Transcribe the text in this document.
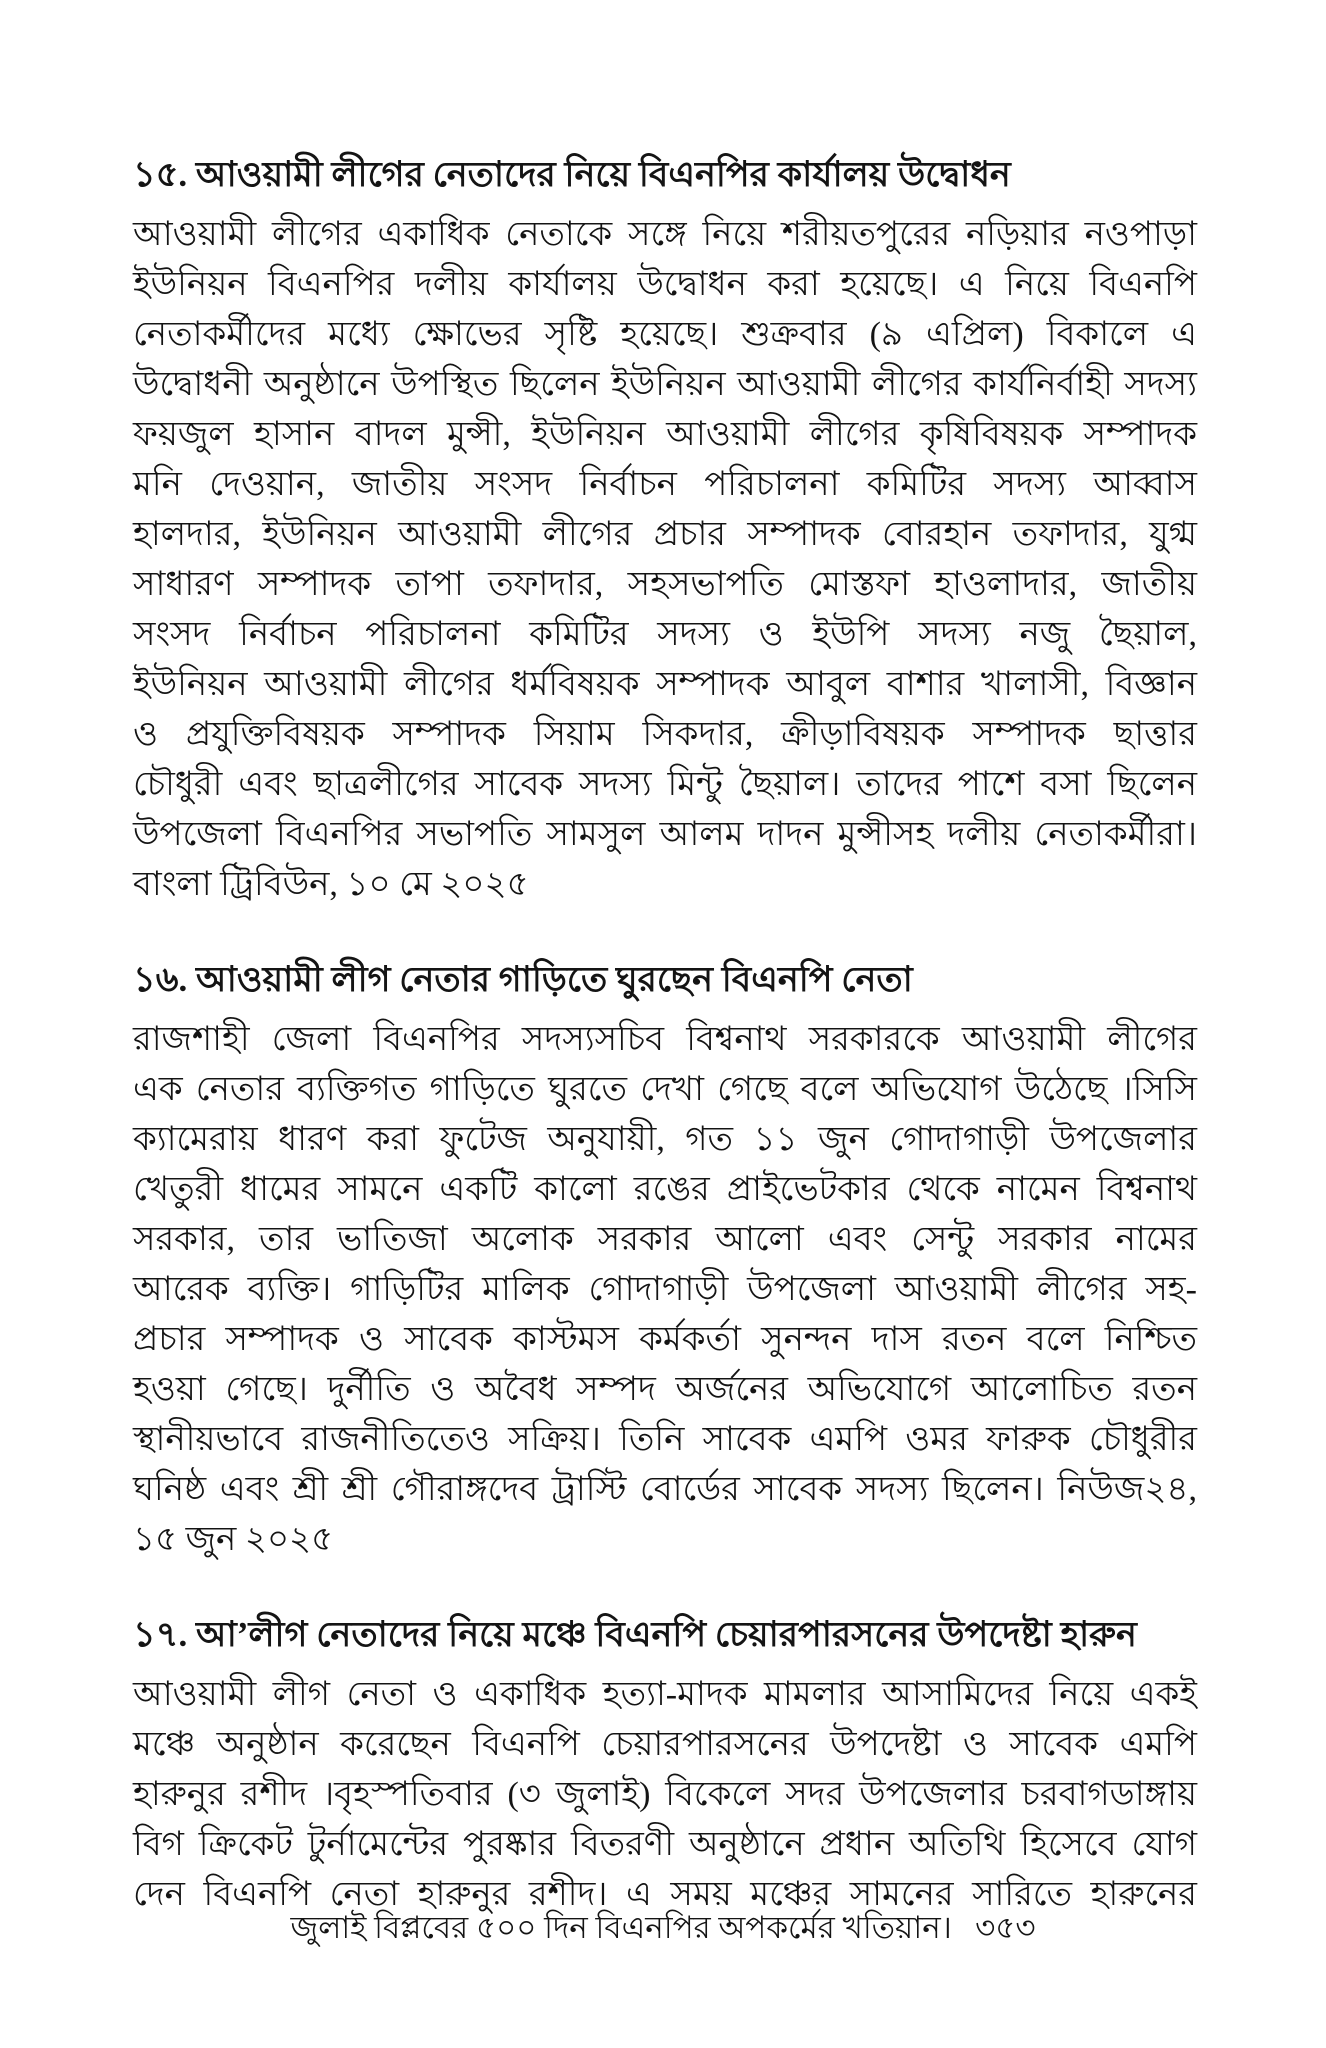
১৫. আওয়ামী লীগের নেতাদের নিয়ে বিএনপির কার্যালয় উদ্বোধন
আওয়ামী লীগের একাধিক নেতাকে সঙ্গে নিয়ে শরীয়তপুরের নড়িয়ার নওপাড়া
ইউনিয়ন বিএনপির দলীয় কার্যালয় উদ্বোধন করা হয়েছে। এ নিয়ে বিএনপি
নেতাকর্মীদের মধ্যে ক্ষোভের সৃষ্টি হয়েছে। শুক্রবার (৯ এপ্রিল) বিকালে এ
উদ্বোধনী অনুষ্ঠানে উপস্থিত ছিলেন ইউনিয়ন আওয়ামী লীগের কার্যনির্বাহী সদস্য
ফয়জুল হাসান বাদল মুন্সী, ইউনিয়ন আওয়ামী লীগের কৃষিবিষয়ক সম্পাদক
মনি দেওয়ান, জাতীয় সংসদ নির্বাচন পরিচালনা কমিটির সদস্য আব্বাস
হালদার, ইউনিয়ন আওয়ামী লীগের প্রচার সম্পাদক বোরহান তফাদার, যুগ্ম
সাধারণ সম্পাদক তাপা তফাদার, সহসভাপতি মোস্তফা হাওলাদার, জাতীয়
সংসদ নির্বাচন পরিচালনা কমিটির সদস্য ও ইউপি সদস্য নজু ছৈয়াল,
ইউনিয়ন আওয়ামী লীগের ধর্মবিষয়ক সম্পাদক আবুল বাশার খালাসী, বিজ্ঞান
ও প্রযুক্তিবিষয়ক সম্পাদক সিয়াম সিকদার, ক্রীড়াবিষয়ক সম্পাদক ছাত্তার
চৌধুরী এবং ছাত্রলীগের সাবেক সদস্য মিন্টু ছৈয়াল। তাদের পাশে বসা ছিলেন
উপজেলা বিএনপির সভাপতি সামসুল আলম দাদন মুন্সীসহ দলীয় নেতাকর্মীরা।
বাংলা ট্রিবিউন, ১০ মে ২০২৫
১৬. আওয়ামী লীগ নেতার গাড়িতে ঘুরছেন বিএনপি নেতা
রাজশাহী জেলা বিএনপির সদস্যসচিব বিশ্বনাথ সরকারকে আওয়ামী লীগের
এক নেতার ব্যক্তিগত গাড়িতে ঘুরতে দেখা গেছে বলে অভিযোগ উঠেছে ।সিসি
ক্যামেরায় ধারণ করা ফুটেজ অনুযায়ী, গত ১১ জুন গোদাগাড়ী উপজেলার
খেতুরী ধামের সামনে একটি কালো রঙের প্রাইভেটকার থেকে নামেন বিশ্বনাথ
সরকার, তার ভাতিজা অলোক সরকার আলো এবং সেন্টু সরকার নামের
আরেক ব্যক্তি। গাড়িটির মালিক গোদাগাড়ী উপজেলা আওয়ামী লীগের সহ-
প্রচার সম্পাদক ও সাবেক কাস্টমস কর্মকর্তা সুনন্দন দাস রতন বলে নিশ্চিত
হওয়া গেছে। দুর্নীতি ও অবৈধ সম্পদ অর্জনের অভিযোগে আলোচিত রতন
স্থানীয়ভাবে রাজনীতিতেও সক্রিয়। তিনি সাবেক এমপি ওমর ফারুক চৌধুরীর
ঘনিষ্ঠ এবং শ্রী শ্রী গৌরাঙ্গদেব ট্রাস্টি বোর্ডের সাবেক সদস্য ছিলেন। নিউজ২৪,
১৫ জুন ২০২৫
১৭. আ’লীগ নেতাদের নিয়ে মঞ্চে বিএনপি চেয়ারপারসনের উপদেষ্টা হারুন
আওয়ামী লীগ নেতা ও একাধিক হত্যা-মাদক মামলার আসামিদের নিয়ে একই
মঞ্চে অনুষ্ঠান করেছেন বিএনপি চেয়ারপারসনের উপদেষ্টা ও সাবেক এমপি
হারুনুর রশীদ ।বৃহস্পতিবার (৩ জুলাই) বিকেলে সদর উপজেলার চরবাগডাঙ্গায়
বিগ ক্রিকেট টুর্নামেন্টের পুরষ্কার বিতরণী অনুষ্ঠানে প্রধান অতিথি হিসেবে যোগ
দেন বিএনপি নেতা হারুনুর রশীদ। এ সময় মঞ্চের সামনের সারিতে হারুনের
জুলাই বিপ্লবের ৫০০ দিন বিএনপির অপকর্মের খতিয়ান। ৩৫৩
